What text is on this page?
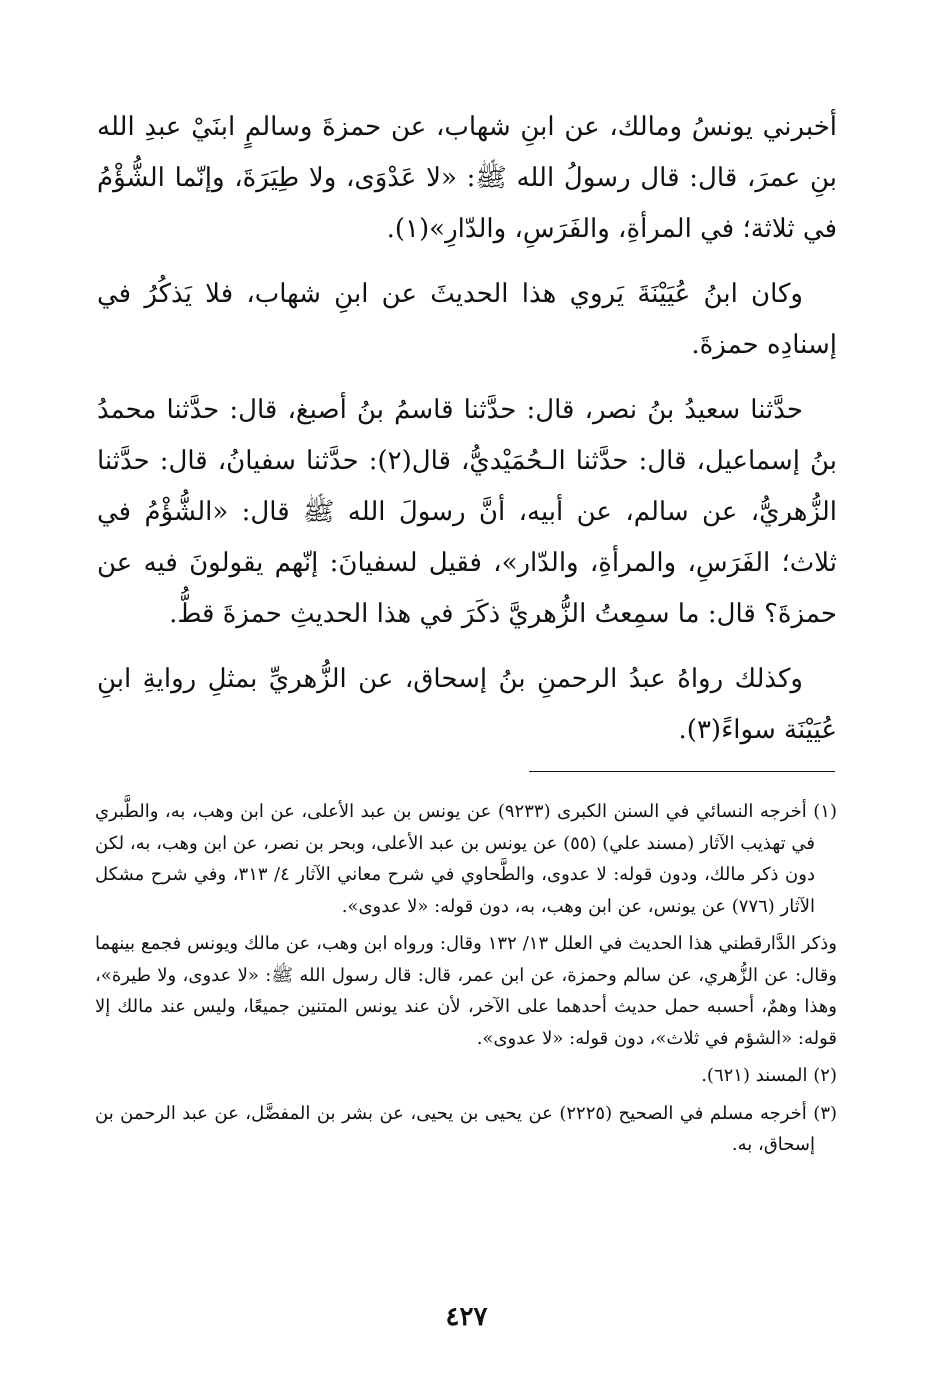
أخبرني يونسُ ومالك، عن ابنِ شهاب، عن حمزةَ وسالمٍ ابنَيْ عبدِ الله بنِ عمرَ، قال: قال رسولُ الله ﷺ: «لا عَدْوَى، ولا طِيَرَةَ، وإنّما الشُّؤْمُ في ثلاثة؛ في المرأةِ، والفَرَسِ، والدّارِ»(١).

وكان ابنُ عُيَيْنَةَ يَروي هذا الحديثَ عن ابنِ شهاب، فلا يَذكُرُ في إسنادِه حمزةَ.

حدَّثنا سعيدُ بنُ نصر، قال: حدَّثنا قاسمُ بنُ أصبغ، قال: حدَّثنا محمدُ بنُ إسماعيل، قال: حدَّثنا الـحُمَيْديُّ، قال(٢): حدَّثنا سفيانُ، قال: حدَّثنا الزُّهريُّ، عن سالم، عن أبيه، أنَّ رسولَ الله ﷺ قال: «الشُّؤْمُ في ثلاث؛ الفَرَسِ، والمرأةِ، والدّار»، فقيل لسفيانَ: إنّهم يقولونَ فيه عن حمزةَ؟ قال: ما سمِعتُ الزُّهريَّ ذكَرَ في هذا الحديثِ حمزةَ قطُّ.

وكذلك رواهُ عبدُ الرحمنِ بنُ إسحاق، عن الزُّهريِّ بمثلِ روايةِ ابنِ عُيَيْنَة سواءً(٣).

(١) أخرجه النسائي في السنن الكبرى (٩٢٣٣) عن يونس بن عبد الأعلى، عن ابن وهب، به، والطَّبري في تهذيب الآثار (مسند علي) (٥٥) عن يونس بن عبد الأعلى، وبحر بن نصر، عن ابن وهب، به، لكن دون ذكر مالك، ودون قوله: لا عدوى، والطَّحاوي في شرح معاني الآثار ٤/ ٣١٣، وفي شرح مشكل الآثار (٧٧٦) عن يونس، عن ابن وهب، به، دون قوله: «لا عدوى».

وذكر الدَّارقطني هذا الحديث في العلل ١٣/ ١٣٢ وقال: ورواه ابن وهب، عن مالك ويونس فجمع بينهما وقال: عن الزُّهري، عن سالم وحمزة، عن ابن عمر، قال: قال رسول الله ﷺ: «لا عدوى، ولا طيرة»، وهذا وهمٌ، أحسبه حمل حديث أحدهما على الآخر، لأن عند يونس المتنين جميعًا، وليس عند مالك إلا قوله: «الشؤم في ثلاث»، دون قوله: «لا عدوى».

(٢) المسند (٦٢١).

(٣) أخرجه مسلم في الصحيح (٢٢٢٥) عن يحيى بن يحيى، عن بشر بن المفضَّل، عن عبد الرحمن بن إسحاق، به.

٤٢٧
